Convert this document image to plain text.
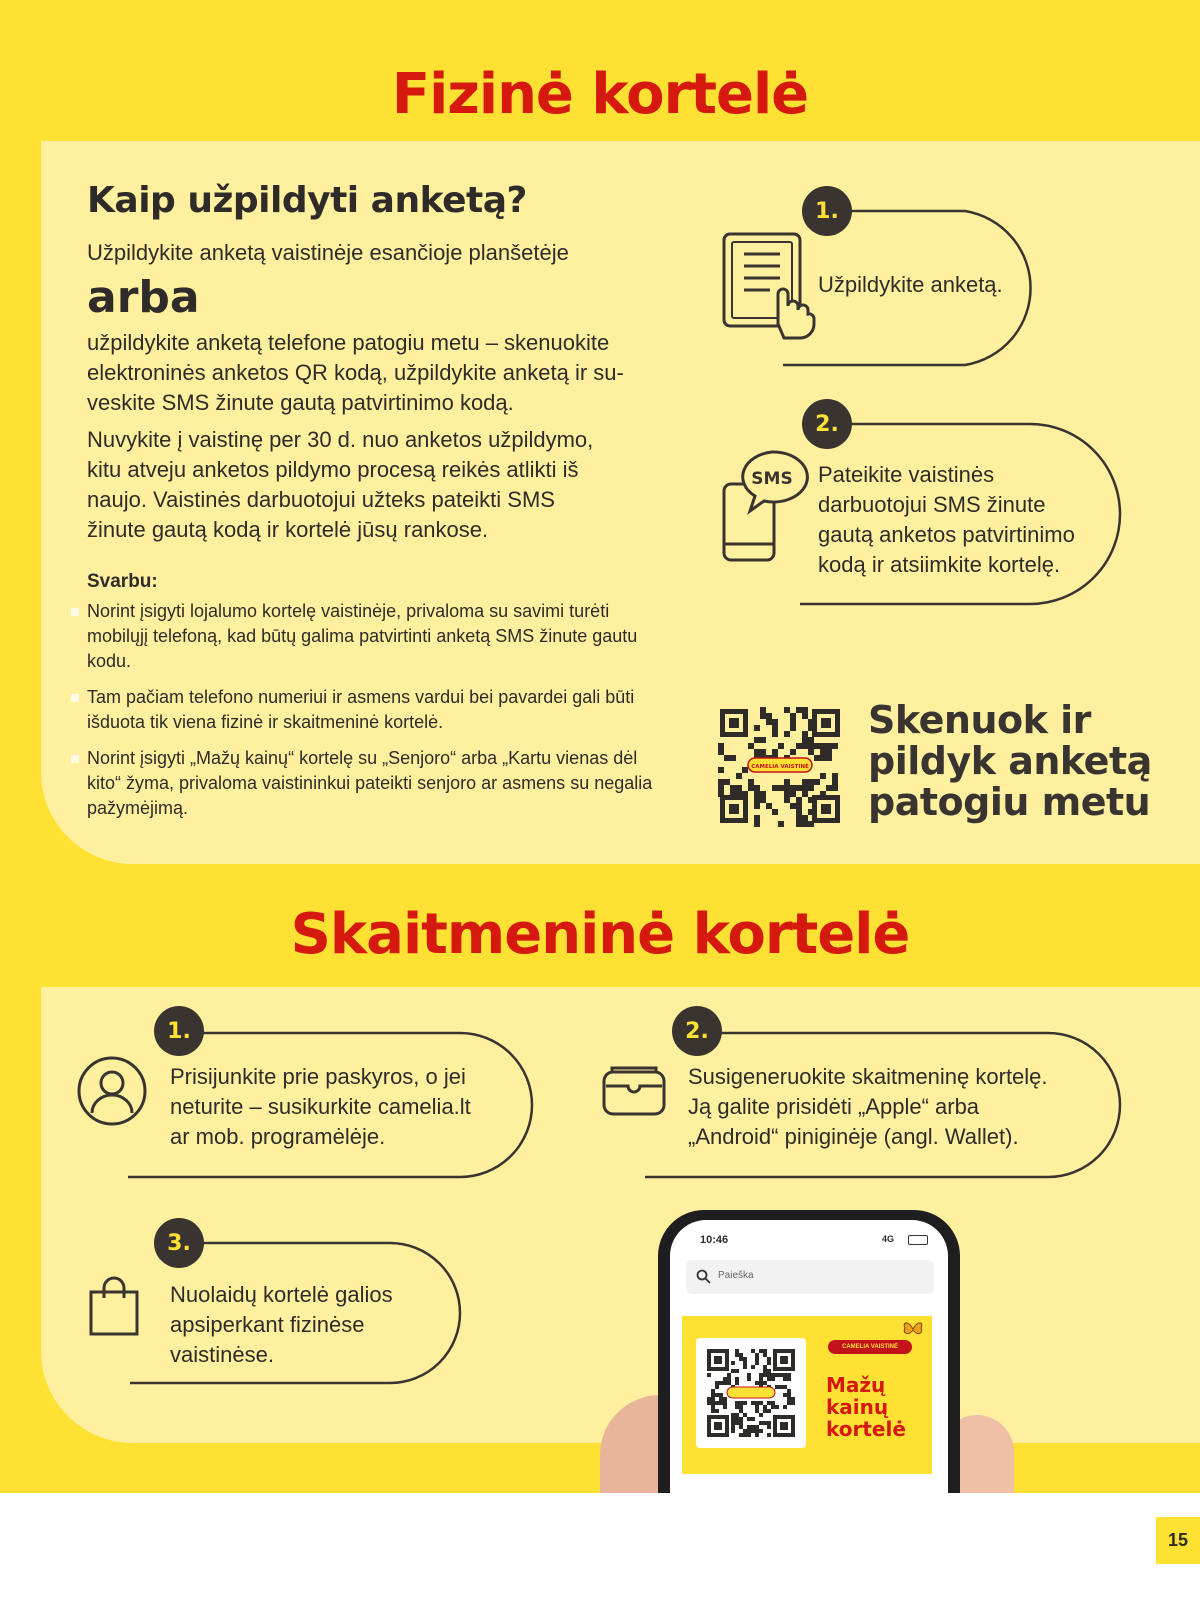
Fizinė kortelė
Kaip užpildyti anketą?

Užpildykite anketą vaistinėje esančioje planšetėje

arba

užpildykite anketą telefone patogiu metu – skenuokite

elektroninės anketos QR kodą, užpildykite anketą ir su-

veskite SMS žinute gautą patvirtinimo kodą.

Nuvykite į vaistinę per 30 d. nuo anketos užpildymo,

kitu atveju anketos pildymo procesą reikės atlikti iš

naujo. Vaistinės darbuotojui užteks pateikti SMS

žinute gautą kodą ir kortelė jūsų rankose.

Svarbu:
Norint įsigyti lojalumo kortelę vaistinėje, privaloma su savimi turėti mobilųjį telefoną, kad būtų galima patvirtinti anketą SMS žinute gautu kodu.
Tam pačiam telefono numeriui ir asmens vardui bei pavardei gali būti išduota tik viena fizinė ir skaitmeninė kortelė.
Norint įsigyti „Mažų kainų“ kortelę su „Senjoro“ arba „Kartu vienas dėl kito“ žyma, privaloma vaistininkui pateikti senjoro ar asmens su negalia pažymėjimą.
1.
Užpildykite anketą.
2.
SMS Pateikite vaistinės
darbuotojui SMS žinute
gautą anketos patvirtinimo
kodą ir atsiimkite kortelę.
CAMELIA VAISTINĖ
Skenuok ir
pildyk anketą
patogiu metu
Skaitmeninė kortelė
1.
Prisijunkite prie paskyros, o jei
neturite – susikurkite camelia.lt
ar mob. programėlėje.
2.
Susigeneruokite skaitmeninę kortelę.
Ją galite prisidėti „Apple“ arba
„Android“ piniginėje (angl. Wallet).
3.
Nuolaidų kortelė galios
apsiperkant fizinėse
vaistinėse.
10:46	4G
Paieška
CAMELIA VAISTINĖ
Mažų
kainų
kortelė
15
